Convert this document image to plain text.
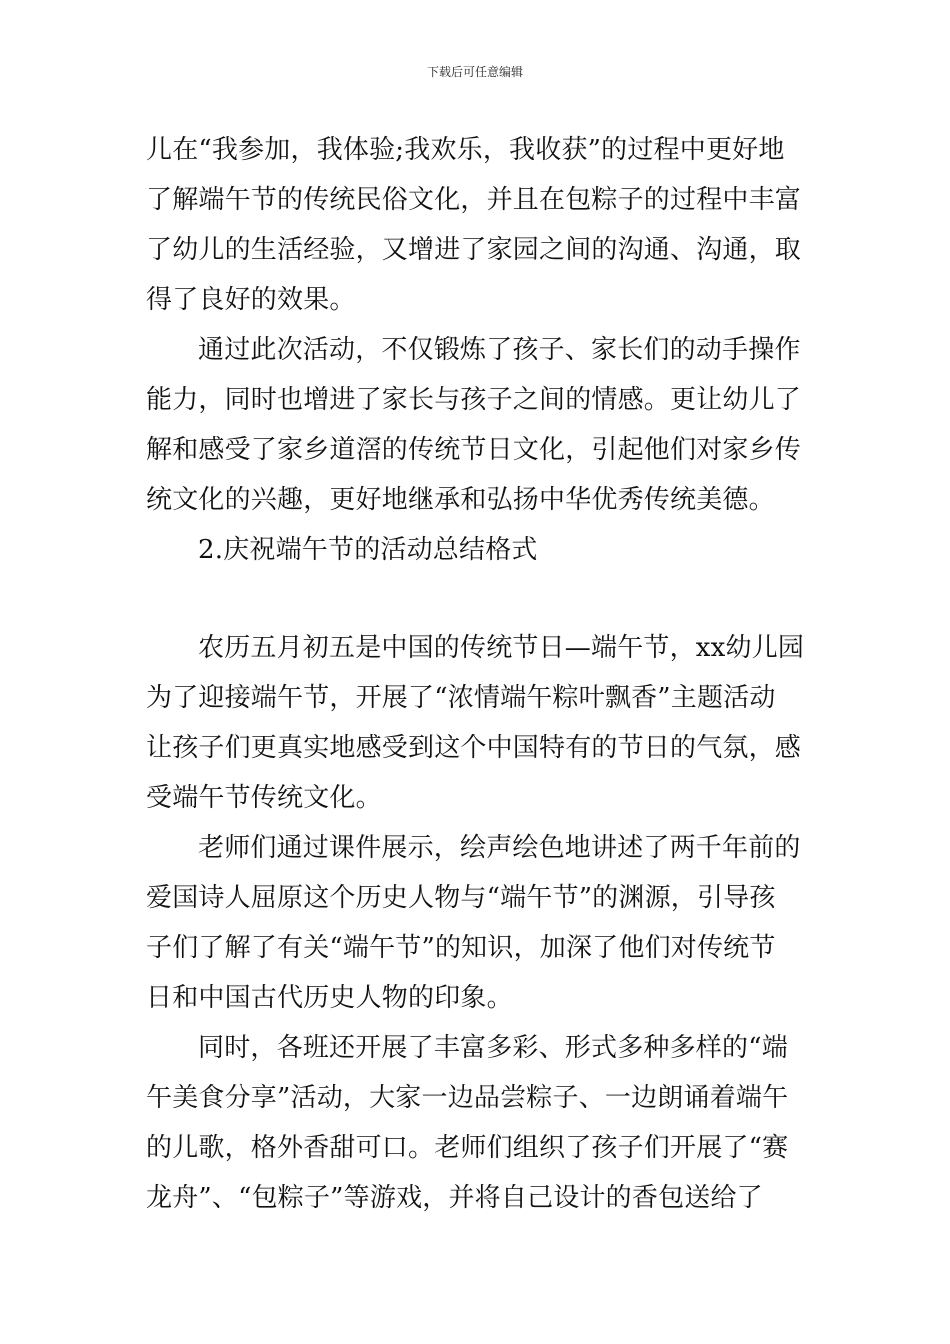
下载后可任意编辑
儿在“我参加，我体验;我欢乐，我收获”的过程中更好地
了解端午节的传统民俗文化，并且在包粽子的过程中丰富
了幼儿的生活经验，又增进了家园之间的沟通、沟通，取
得了良好的效果。
通过此次活动，不仅锻炼了孩子、家长们的动手操作
能力，同时也增进了家长与孩子之间的情感。更让幼儿了
解和感受了家乡道滘的传统节日文化，引起他们对家乡传
统文化的兴趣，更好地继承和弘扬中华优秀传统美德。
2.庆祝端午节的活动总结格式
农历五月初五是中国的传统节日—端午节，xx幼儿园
为了迎接端午节，开展了“浓情端午粽叶飘香”主题活动
让孩子们更真实地感受到这个中国特有的节日的气氛，感
受端午节传统文化。
老师们通过课件展示，绘声绘色地讲述了两千年前的
爱国诗人屈原这个历史人物与“端午节”的渊源，引导孩
子们了解了有关“端午节”的知识，加深了他们对传统节
日和中国古代历史人物的印象。
同时，各班还开展了丰富多彩、形式多种多样的“端
午美食分享”活动，大家一边品尝粽子、一边朗诵着端午
的儿歌，格外香甜可口。老师们组织了孩子们开展了“赛
龙舟”、“包粽子”等游戏，并将自己设计的香包送给了
